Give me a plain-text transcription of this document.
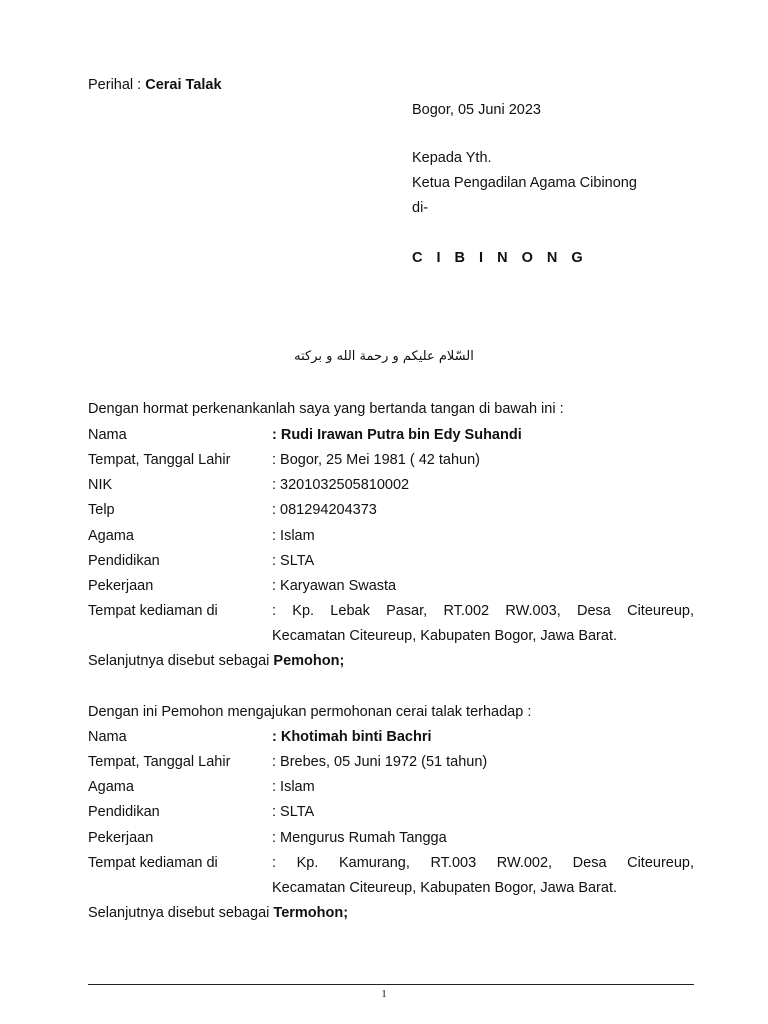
Perihal : Cerai Talak
Bogor, 05 Juni 2023
Kepada Yth.
Ketua Pengadilan Agama Cibinong
di-
C I B I N O N G
السّلام عليكم و رحمة الله و بركته
Dengan hormat perkenankanlah saya yang bertanda tangan di bawah ini :
Nama	: Rudi Irawan Putra bin Edy Suhandi
Tempat, Tanggal Lahir	: Bogor, 25 Mei 1981 ( 42 tahun)
NIK	: 3201032505810002
Telp	: 081294204373
Agama	: Islam
Pendidikan	: SLTA
Pekerjaan	: Karyawan Swasta
Tempat kediaman di	: Kp. Lebak Pasar, RT.002 RW.003, Desa Citeureup,
Kecamatan Citeureup, Kabupaten Bogor, Jawa Barat.
Selanjutnya disebut sebagai Pemohon;
Dengan ini Pemohon mengajukan permohonan cerai talak terhadap :
Nama	: Khotimah binti Bachri
Tempat, Tanggal Lahir	: Brebes, 05 Juni 1972 (51 tahun)
Agama	: Islam
Pendidikan	: SLTA
Pekerjaan	: Mengurus Rumah Tangga
Tempat kediaman di	: Kp. Kamurang, RT.003 RW.002, Desa Citeureup,
Kecamatan Citeureup, Kabupaten Bogor, Jawa Barat.
Selanjutnya disebut sebagai Termohon;
1
